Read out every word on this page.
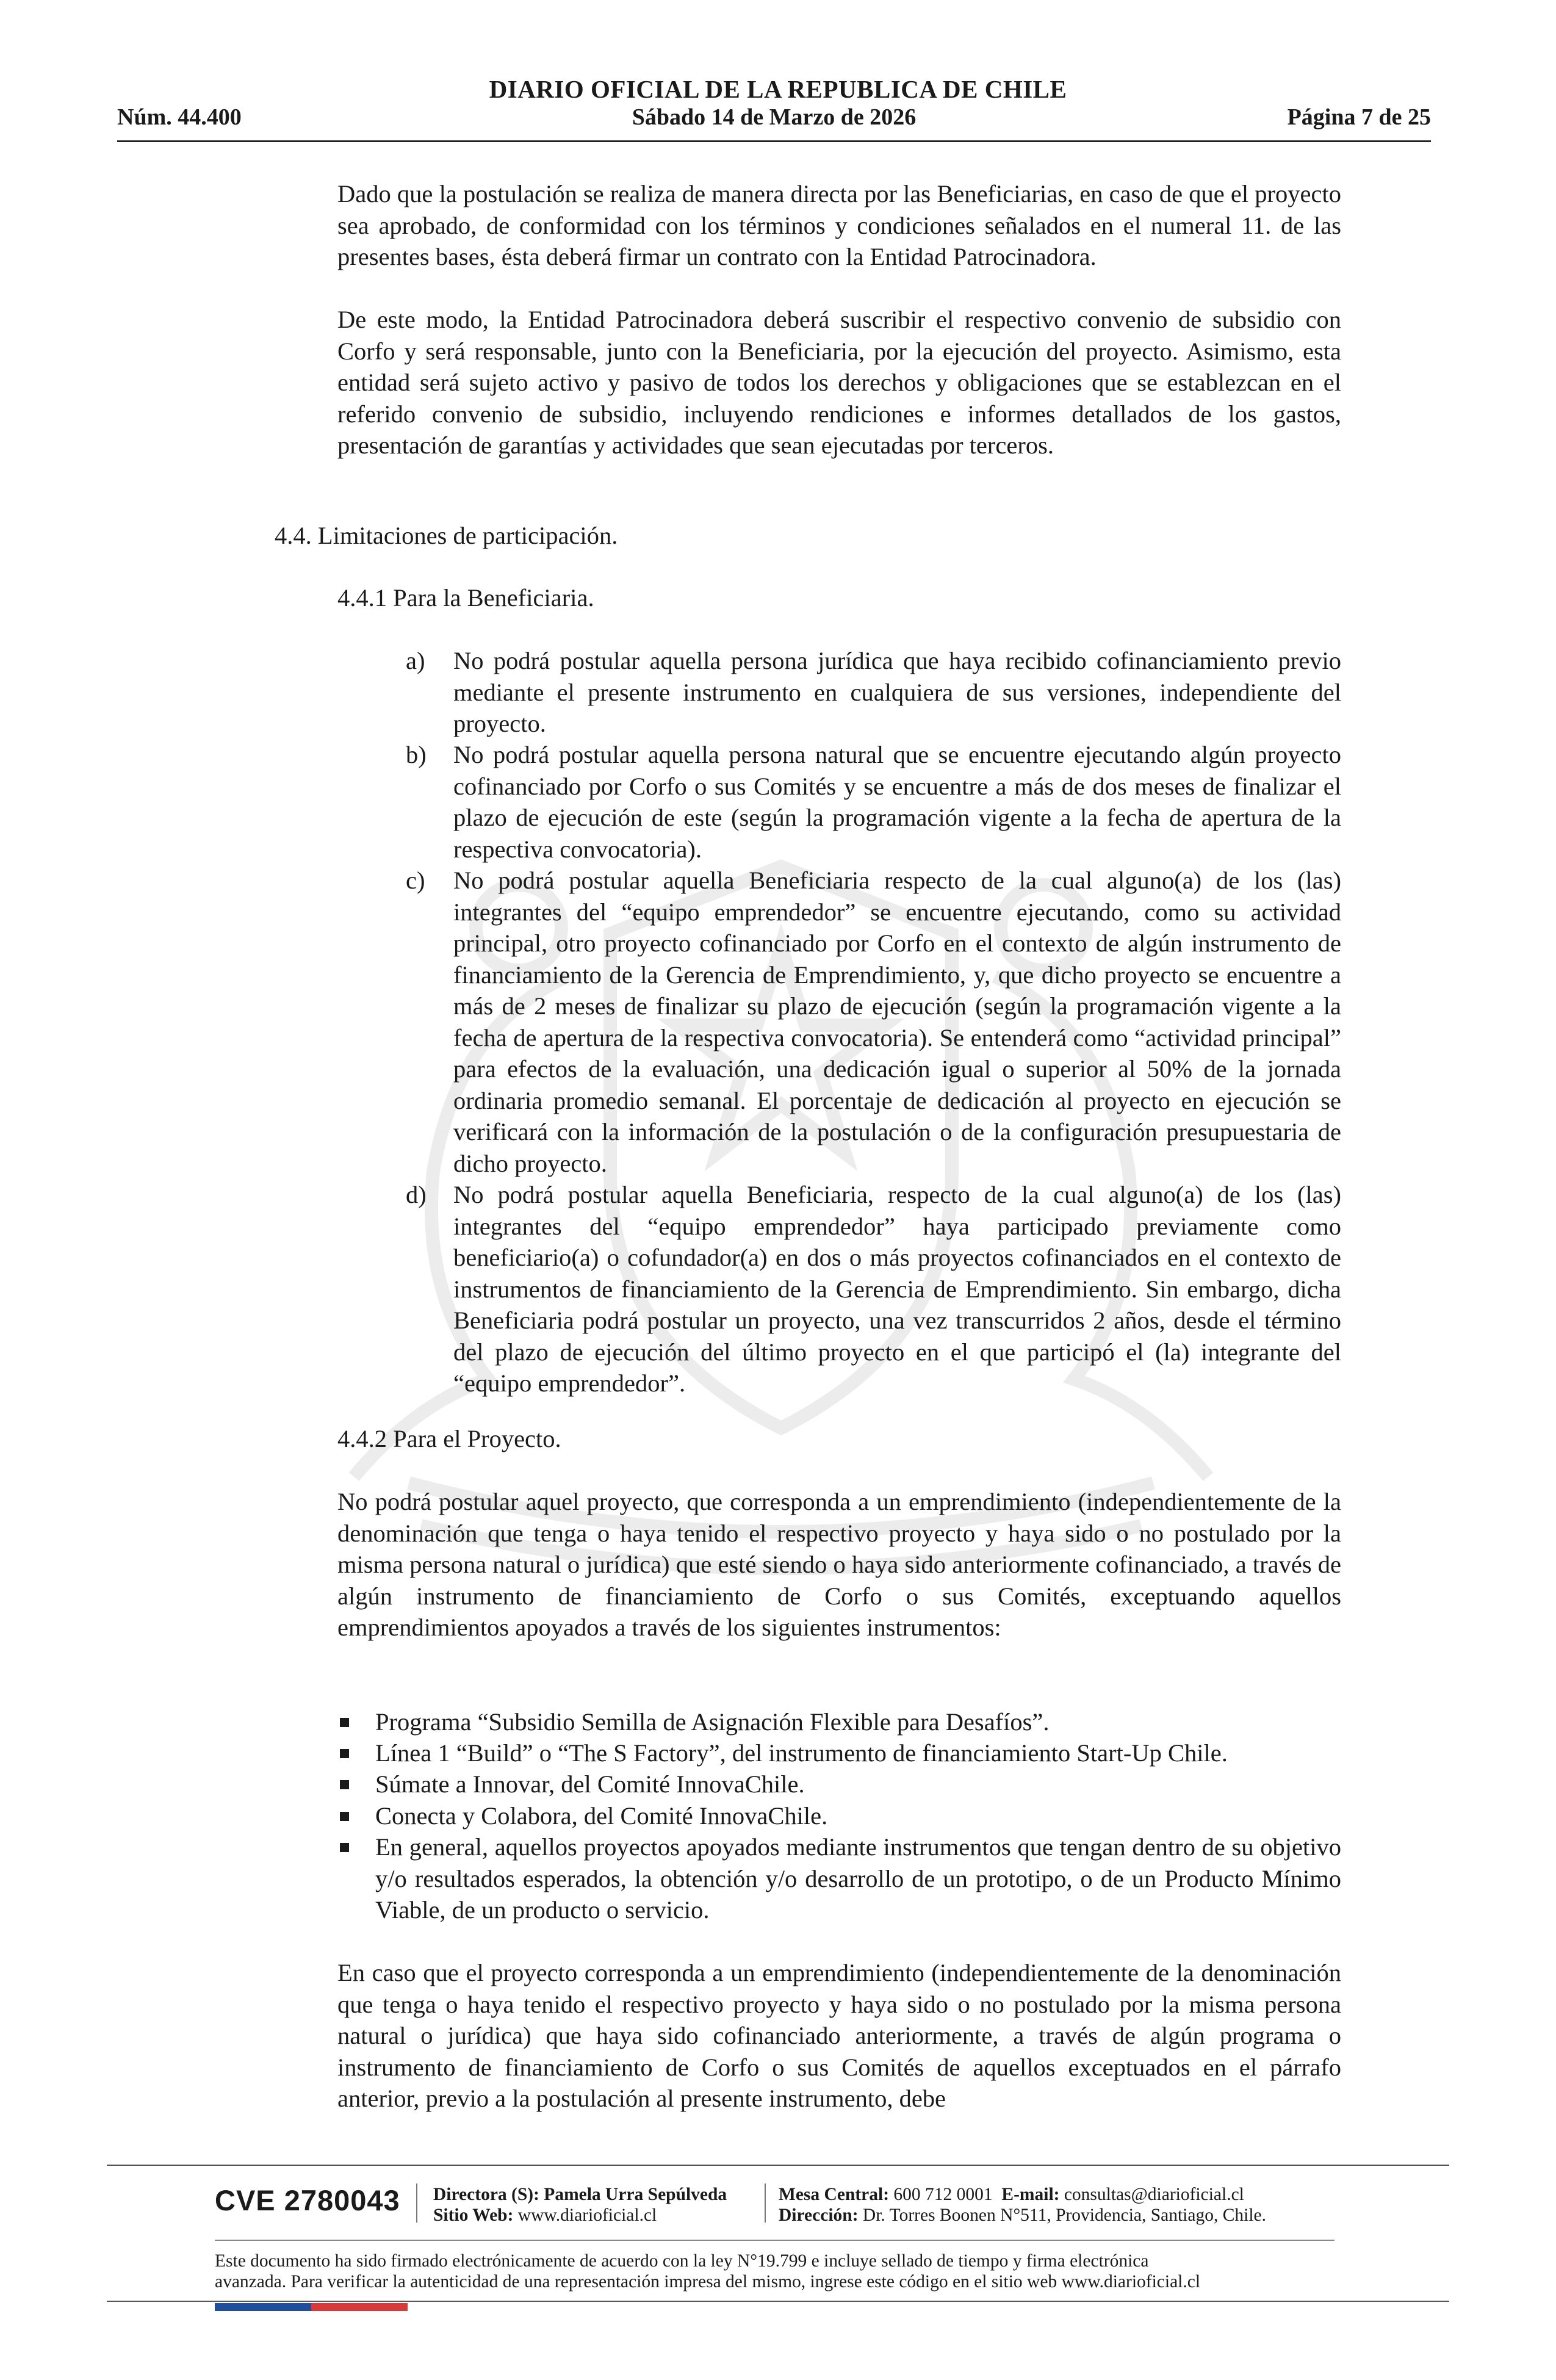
DIARIO OFICIAL DE LA REPUBLICA DE CHILE
Núm. 44.400	Sábado 14 de Marzo de 2026	Página 7 de 25
Dado que la postulación se realiza de manera directa por las Beneficiarias, en caso de que el proyecto sea aprobado, de conformidad con los términos y condiciones señalados en el numeral 11. de las presentes bases, ésta deberá firmar un contrato con la Entidad Patrocinadora.
De este modo, la Entidad Patrocinadora deberá suscribir el respectivo convenio de subsidio con Corfo y será responsable, junto con la Beneficiaria, por la ejecución del proyecto. Asimismo, esta entidad será sujeto activo y pasivo de todos los derechos y obligaciones que se establezcan en el referido convenio de subsidio, incluyendo rendiciones e informes detallados de los gastos, presentación de garantías y actividades que sean ejecutadas por terceros.
4.4. Limitaciones de participación.
4.4.1 Para la Beneficiaria.
a) No podrá postular aquella persona jurídica que haya recibido cofinanciamiento previo mediante el presente instrumento en cualquiera de sus versiones, independiente del proyecto.
b) No podrá postular aquella persona natural que se encuentre ejecutando algún proyecto cofinanciado por Corfo o sus Comités y se encuentre a más de dos meses de finalizar el plazo de ejecución de este (según la programación vigente a la fecha de apertura de la respectiva convocatoria).
c) No podrá postular aquella Beneficiaria respecto de la cual alguno(a) de los (las) integrantes del “equipo emprendedor” se encuentre ejecutando, como su actividad principal, otro proyecto cofinanciado por Corfo en el contexto de algún instrumento de financiamiento de la Gerencia de Emprendimiento, y, que dicho proyecto se encuentre a más de 2 meses de finalizar su plazo de ejecución (según la programación vigente a la fecha de apertura de la respectiva convocatoria). Se entenderá como “actividad principal” para efectos de la evaluación, una dedicación igual o superior al 50% de la jornada ordinaria promedio semanal. El porcentaje de dedicación al proyecto en ejecución se verificará con la información de la postulación o de la configuración presupuestaria de dicho proyecto.
d) No podrá postular aquella Beneficiaria, respecto de la cual alguno(a) de los (las) integrantes del “equipo emprendedor” haya participado previamente como beneficiario(a) o cofundador(a) en dos o más proyectos cofinanciados en el contexto de instrumentos de financiamiento de la Gerencia de Emprendimiento. Sin embargo, dicha Beneficiaria podrá postular un proyecto, una vez transcurridos 2 años, desde el término del plazo de ejecución del último proyecto en el que participó el (la) integrante del “equipo emprendedor”.
4.4.2 Para el Proyecto.
No podrá postular aquel proyecto, que corresponda a un emprendimiento (independientemente de la denominación que tenga o haya tenido el respectivo proyecto y haya sido o no postulado por la misma persona natural o jurídica) que esté siendo o haya sido anteriormente cofinanciado, a través de algún instrumento de financiamiento de Corfo o sus Comités, exceptuando aquellos emprendimientos apoyados a través de los siguientes instrumentos:
Programa “Subsidio Semilla de Asignación Flexible para Desafíos”.
Línea 1 “Build” o “The S Factory”, del instrumento de financiamiento Start-Up Chile.
Súmate a Innovar, del Comité InnovaChile.
Conecta y Colabora, del Comité InnovaChile.
En general, aquellos proyectos apoyados mediante instrumentos que tengan dentro de su objetivo y/o resultados esperados, la obtención y/o desarrollo de un prototipo, o de un Producto Mínimo Viable, de un producto o servicio.
En caso que el proyecto corresponda a un emprendimiento (independientemente de la denominación que tenga o haya tenido el respectivo proyecto y haya sido o no postulado por la misma persona natural o jurídica) que haya sido cofinanciado anteriormente, a través de algún programa o instrumento de financiamiento de Corfo o sus Comités de aquellos exceptuados en el párrafo anterior, previo a la postulación al presente instrumento, debe
CVE 2780043 Directora (S): Pamela Urra Sepúlveda
Sitio Web: www.diarioficial.cl
Mesa Central: 600 712 0001 E-mail: consultas@diarioficial.cl
Dirección: Dr. Torres Boonen N°511, Providencia, Santiago, Chile.
Este documento ha sido firmado electrónicamente de acuerdo con la ley N°19.799 e incluye sellado de tiempo y firma electrónica
avanzada. Para verificar la autenticidad de una representación impresa del mismo, ingrese este código en el sitio web www.diarioficial.cl
